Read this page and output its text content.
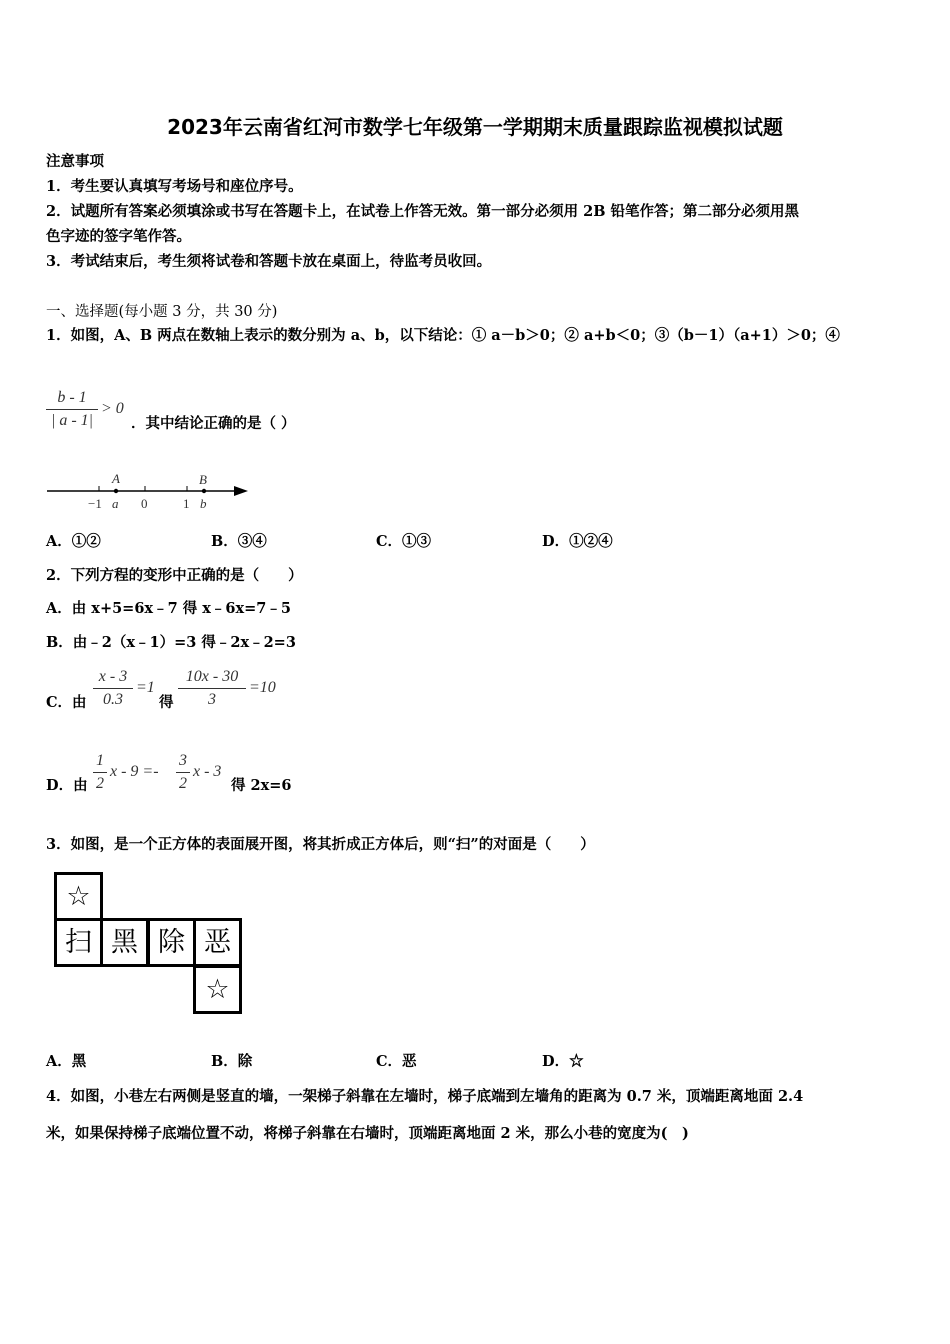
2023年云南省红河市数学七年级第一学期期末质量跟踪监视模拟试题
注意事项
1．考生要认真填写考场号和座位序号。
2．试题所有答案必须填涂或书写在答题卡上，在试卷上作答无效。第一部分必须用 2B 铅笔作答；第二部分必须用黑
色字迹的签字笔作答。
3．考试结束后，考生须将试卷和答题卡放在桌面上，待监考员收回。
一、选择题(每小题 3 分，共 30 分)
1．如图，A、B 两点在数轴上表示的数分别为 a、b，以下结论：① a－b＞0；② a+b＜0；③（b－1）（a+1）＞0；④
b - 1
| a - 1|
> 0
．其中结论正确的是（ ）
A	B
−1 a 0	1 b
A．①②	B．③④	C．①③	D．①②④
2．下列方程的变形中正确的是（　　）
A．由 x+5=6x﹣7 得 x﹣6x=7﹣5
B．由﹣2（x﹣1）=3 得﹣2x﹣2=3
C．由
x - 3
0.3
=1
得
10x - 30
3
=10
D．由
1
2
x - 9 =-
3
2
x - 3
得 2x=6
3．如图，是一个正方体的表面展开图，将其折成正方体后，则“扫”的对面是（　　）
☆
扫 黑 除 恶
☆
A．黑	B．除	C．恶	D．☆
4．如图，小巷左右两侧是竖直的墙，一架梯子斜靠在左墙时，梯子底端到左墙角的距离为 0.7 米，顶端距离地面 2.4
米，如果保持梯子底端位置不动，将梯子斜靠在右墙时，顶端距离地面 2 米，那么小巷的宽度为(　)
